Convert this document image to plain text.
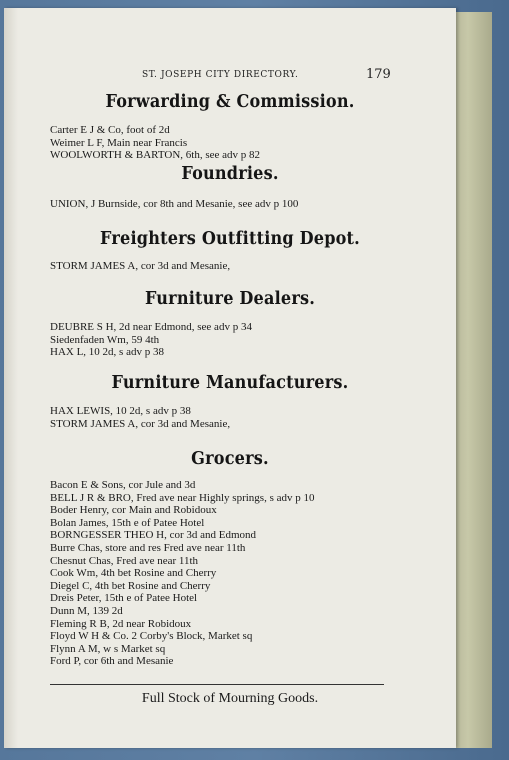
ST. JOSEPH CITY DIRECTORY.	179
Forwarding & Commission.
Carter E J & Co, foot of 2d
Weimer L F, Main near Francis
WOOLWORTH & BARTON, 6th, see adv p 82
Foundries.
UNION, J Burnside, cor 8th and Mesanie, see adv p 100
Freighters Outfitting Depot.
STORM JAMES A, cor 3d and Mesanie,
Furniture Dealers.
DEUBRE S H, 2d near Edmond, see adv p 34
Siedenfaden Wm, 59 4th
HAX L, 10 2d, s adv p 38
Furniture Manufacturers.
HAX LEWIS, 10 2d, s adv p 38
STORM JAMES A, cor 3d and Mesanie,
Grocers.
Bacon E & Sons, cor Jule and 3d
BELL J R & BRO, Fred ave near Highly springs, s adv p 10
Boder Henry, cor Main and Robidoux
Bolan James, 15th e of Patee Hotel
BORNGESSER THEO H, cor 3d and Edmond
Burre Chas, store and res Fred ave near 11th
Chesnut Chas, Fred ave near 11th
Cook Wm, 4th bet Rosine and Cherry
Diegel C, 4th bet Rosine and Cherry
Dreis Peter, 15th e of Patee Hotel
Dunn M, 139 2d
Fleming R B, 2d near Robidoux
Floyd W H & Co. 2 Corby's Block, Market sq
Flynn A M, w s Market sq
Ford P, cor 6th and Mesanie
Full Stock of Mourning Goods.
